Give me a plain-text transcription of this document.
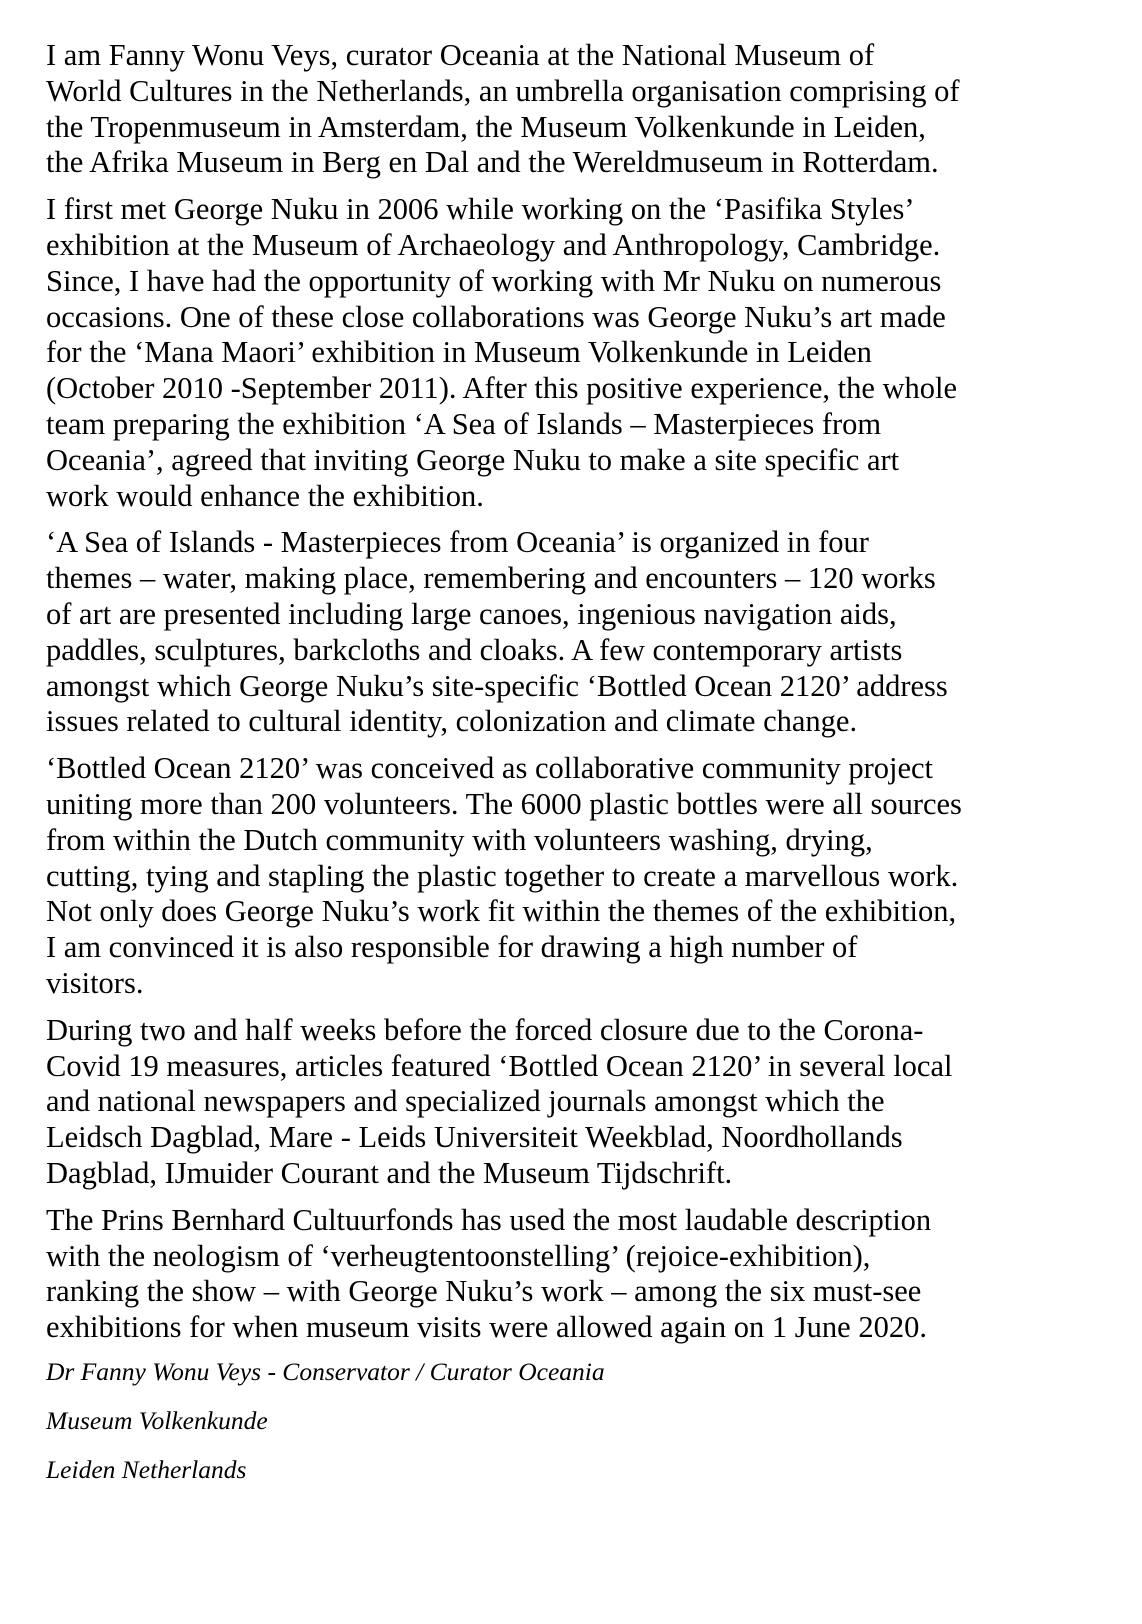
I am Fanny Wonu Veys, curator Oceania at the National Museum of
World Cultures in the Netherlands, an umbrella organisation comprising of
the Tropenmuseum in Amsterdam, the Museum Volkenkunde in Leiden,
the Afrika Museum in Berg en Dal and the Wereldmuseum in Rotterdam.

I first met George Nuku in 2006 while working on the ‘Pasifika Styles’
exhibition at the Museum of Archaeology and Anthropology, Cambridge.
Since, I have had the opportunity of working with Mr Nuku on numerous
occasions. One of these close collaborations was George Nuku’s art made
for the ‘Mana Maori’ exhibition in Museum Volkenkunde in Leiden
(October 2010 -September 2011). After this positive experience, the whole
team preparing the exhibition ‘A Sea of Islands – Masterpieces from
Oceania’, agreed that inviting George Nuku to make a site specific art
work would enhance the exhibition.

‘A Sea of Islands - Masterpieces from Oceania’ is organized in four
themes – water, making place, remembering and encounters – 120 works
of art are presented including large canoes, ingenious navigation aids,
paddles, sculptures, barkcloths and cloaks. A few contemporary artists
amongst which George Nuku’s site-specific ‘Bottled Ocean 2120’ address
issues related to cultural identity, colonization and climate change.

‘Bottled Ocean 2120’ was conceived as collaborative community project
uniting more than 200 volunteers. The 6000 plastic bottles were all sources
from within the Dutch community with volunteers washing, drying,
cutting, tying and stapling the plastic together to create a marvellous work.
Not only does George Nuku’s work fit within the themes of the exhibition,
I am convinced it is also responsible for drawing a high number of
visitors.

During two and half weeks before the forced closure due to the Corona-
Covid 19 measures, articles featured ‘Bottled Ocean 2120’ in several local
and national newspapers and specialized journals amongst which the
Leidsch Dagblad, Mare - Leids Universiteit Weekblad, Noordhollands
Dagblad, IJmuider Courant and the Museum Tijdschrift.

The Prins Bernhard Cultuurfonds has used the most laudable description
with the neologism of ‘verheugtentoonstelling’ (rejoice-exhibition),
ranking the show – with George Nuku’s work – among the six must-see
exhibitions for when museum visits were allowed again on 1 June 2020.

Dr Fanny Wonu Veys - Conservator / Curator Oceania

Museum Volkenkunde

Leiden Netherlands
